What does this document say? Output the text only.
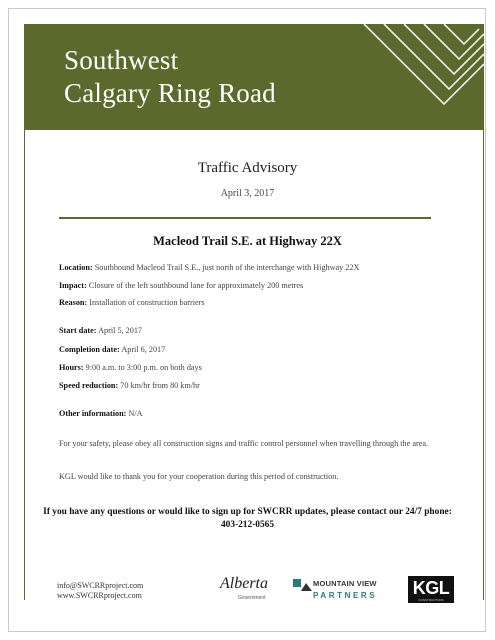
Southwest
Calgary Ring Road
Traffic Advisory
April 3, 2017
Macleod Trail S.E. at Highway 22X
Location: Southbound Macleod Trail S.E., just north of the interchange with Highway 22X
Impact: Closure of the left southbound lane for approximately 200 metres
Reason: Installation of construction barriers
Start date: April 5, 2017
Completion date: April 6, 2017
Hours: 9:00 a.m. to 3:00 p.m. on both days
Speed reduction: 70 km/hr from 80 km/hr
Other information: N/A
For your safety, please obey all construction signs and traffic control personnel when travelling through the area.
KGL would like to thank you for your cooperation during this period of construction.
If you have any questions or would like to sign up for SWCRR updates, please contact our 24/7 phone: 403-212-0565
info@SWCRRproject.com
www.SWCRRproject.com
Alberta
Government
MOUNTAIN VIEW
PARTNERS KGL
CONSTRUCTORS
